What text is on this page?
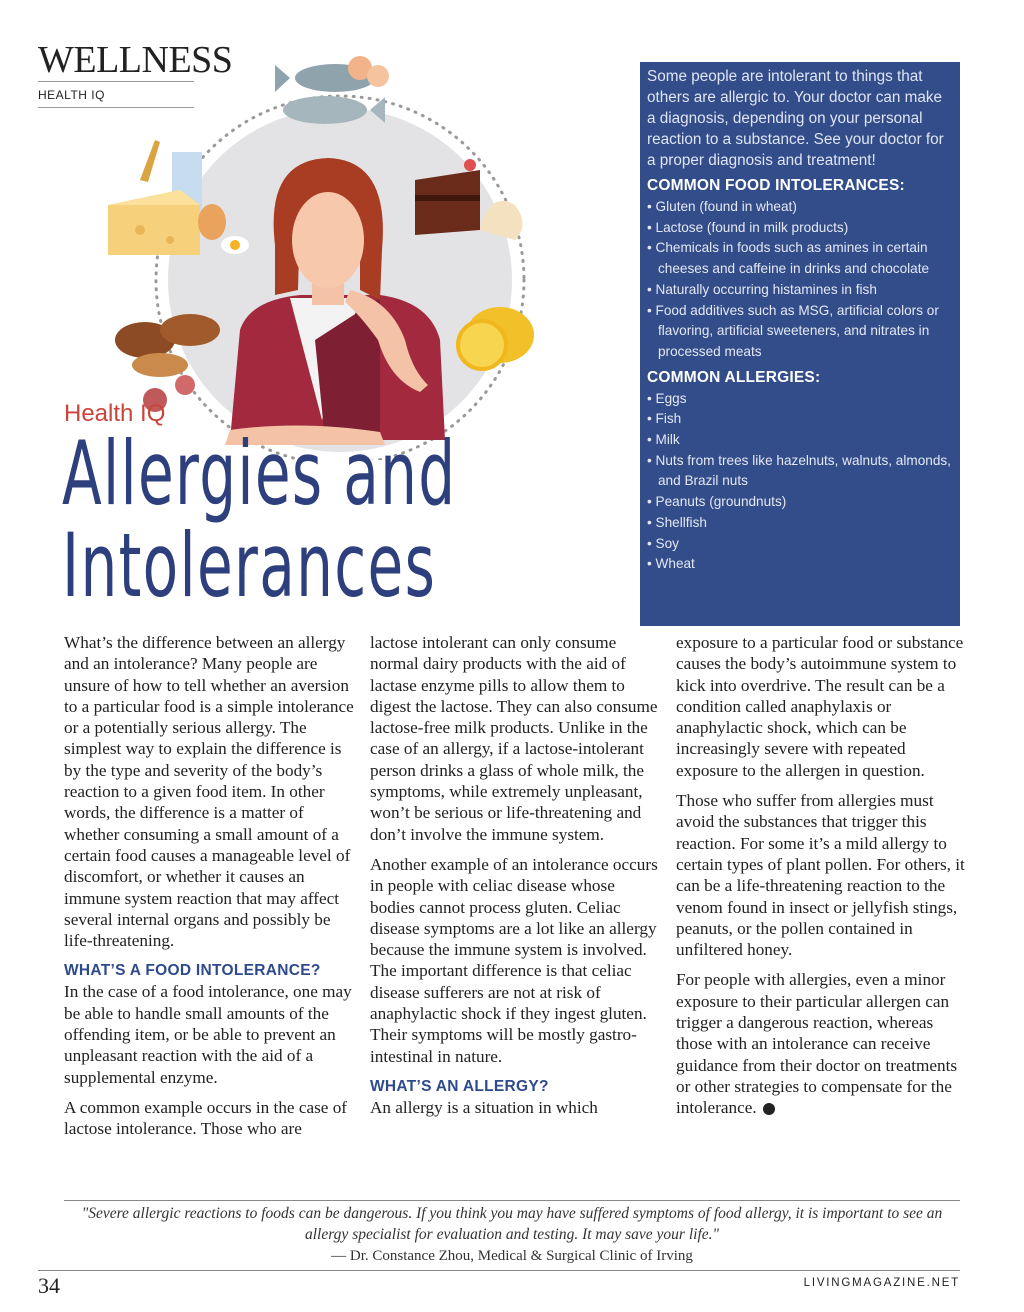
WELLNESS
HEALTH IQ

Some people are intolerant to things that others are allergic to. Your doctor can make a diagnosis, depending on your personal reaction to a substance. See your doctor for a proper diagnosis and treatment!

COMMON FOOD INTOLERANCES:
• Gluten (found in wheat)
• Lactose (found in milk products)
• Chemicals in foods such as amines in certain cheeses and caffeine in drinks and chocolate
• Naturally occurring histamines in fish
• Food additives such as MSG, artificial colors or flavoring, artificial sweeteners, and nitrates in processed meats
COMMON ALLERGIES:
• Eggs
• Fish
• Milk
• Nuts from trees like hazelnuts, walnuts, almonds, and Brazil nuts
• Peanuts (groundnuts)
• Shellfish
• Soy
• Wheat
Health IQ
Allergies and
Intolerances

What’s the difference between an allergy and an intolerance? Many people are unsure of how to tell whether an aversion to a particular food is a simple intolerance or a potentially serious allergy. The simplest way to explain the difference is by the type and severity of the body’s reaction to a given food item. In other words, the difference is a matter of whether consuming a small amount of a certain food causes a manageable level of discomfort, or whether it causes an immune system reaction that may affect several internal organs and possibly be life-threatening.

WHAT’S A FOOD INTOLERANCE?

In the case of a food intolerance, one may be able to handle small amounts of the offending item, or be able to prevent an unpleasant reaction with the aid of a supplemental enzyme.

A common example occurs in the case of lactose intolerance. Those who are

lactose intolerant can only consume normal dairy products with the aid of lactase enzyme pills to allow them to digest the lactose. They can also consume lactose-free milk products. Unlike in the case of an allergy, if a lactose-intolerant person drinks a glass of whole milk, the symptoms, while extremely unpleasant, won’t be serious or life-threatening and don’t involve the immune system.

Another example of an intolerance occurs in people with celiac disease whose bodies cannot process gluten. Celiac disease symptoms are a lot like an allergy because the immune system is involved. The important difference is that celiac disease sufferers are not at risk of anaphylactic shock if they ingest gluten. Their symptoms will be mostly gastro-intestinal in nature.

WHAT’S AN ALLERGY?

An allergy is a situation in which

exposure to a particular food or substance causes the body’s autoimmune system to kick into overdrive. The result can be a condition called anaphylaxis or anaphylactic shock, which can be increasingly severe with repeated exposure to the allergen in question.

Those who suffer from allergies must avoid the substances that trigger this reaction. For some it’s a mild allergy to certain types of plant pollen. For others, it can be a life-threatening reaction to the venom found in insect or jellyfish stings, peanuts, or the pollen contained in unfiltered honey.

For people with allergies, even a minor exposure to their particular allergen can trigger a dangerous reaction, whereas those with an intolerance can receive guidance from their doctor on treatments or other strategies to compensate for the intolerance.

"Severe allergic reactions to foods can be dangerous. If you think you may have suffered symptoms of food allergy, it is important to see an allergy specialist for evaluation and testing. It may save your life."
— Dr. Constance Zhou, Medical & Surgical Clinic of Irving
34	LIVINGMAGAZINE.NET
